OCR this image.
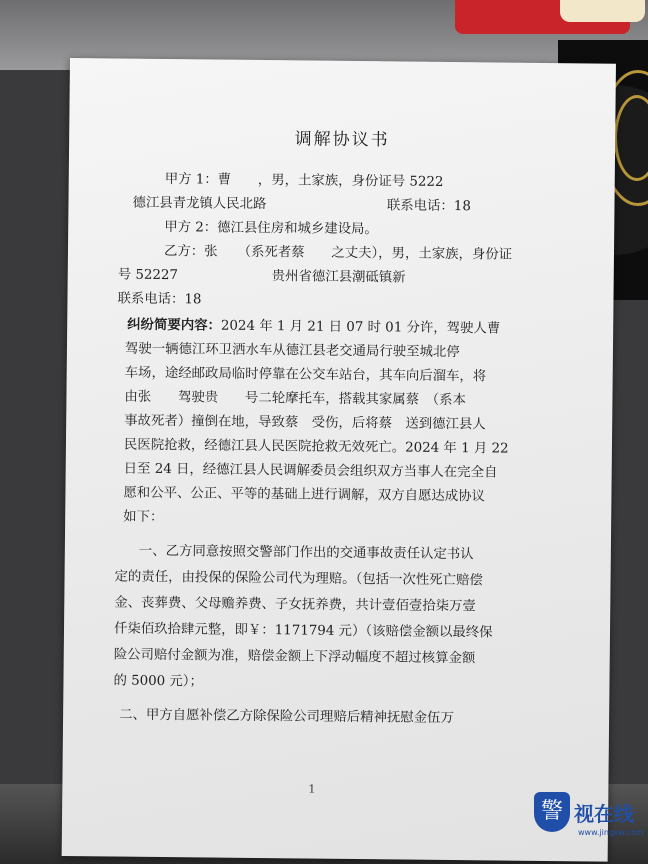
调解协议书
甲方 1：曹　　，男，土家族，身份证号 5222
德江县青龙镇人民北路　　　　　　　　　联系电话：18
甲方 2：德江县住房和城乡建设局。
乙方：张　　（系死者蔡　　之丈夫），男，土家族，身份证
号 52227　　　　　　　贵州省德江县潮砥镇新
联系电话：18
纠纷简要内容：2024 年 1 月 21 日 07 时 01 分许，驾驶人曹
驾驶一辆德江环卫洒水车从德江县老交通局行驶至城北停
车场，途经邮政局临时停靠在公交车站台，其车向后溜车，将
由张　　驾驶贵　　号二轮摩托车，搭载其家属蔡　（系本
事故死者）撞倒在地，导致蔡　受伤，后将蔡　送到德江县人
民医院抢救，经德江县人民医院抢救无效死亡。2024 年 1 月 22
日至 24 日，经德江县人民调解委员会组织双方当事人在完全自
愿和公平、公正、平等的基础上进行调解，双方自愿达成协议
如下：
一、乙方同意按照交警部门作出的交通事故责任认定书认
定的责任，由投保的保险公司代为理赔。（包括一次性死亡赔偿
金、丧葬费、父母赡养费、子女抚养费，共计壹佰壹拾柒万壹
仟柒佰玖拾肆元整，即￥：1171794 元）（该赔偿金额以最终保
险公司赔付金额为准，赔偿金额上下浮动幅度不超过核算金额
的 5000 元）；
二、甲方自愿补偿乙方除保险公司理赔后精神抚慰金伍万
1
警 视在线
www.jingsw.com
